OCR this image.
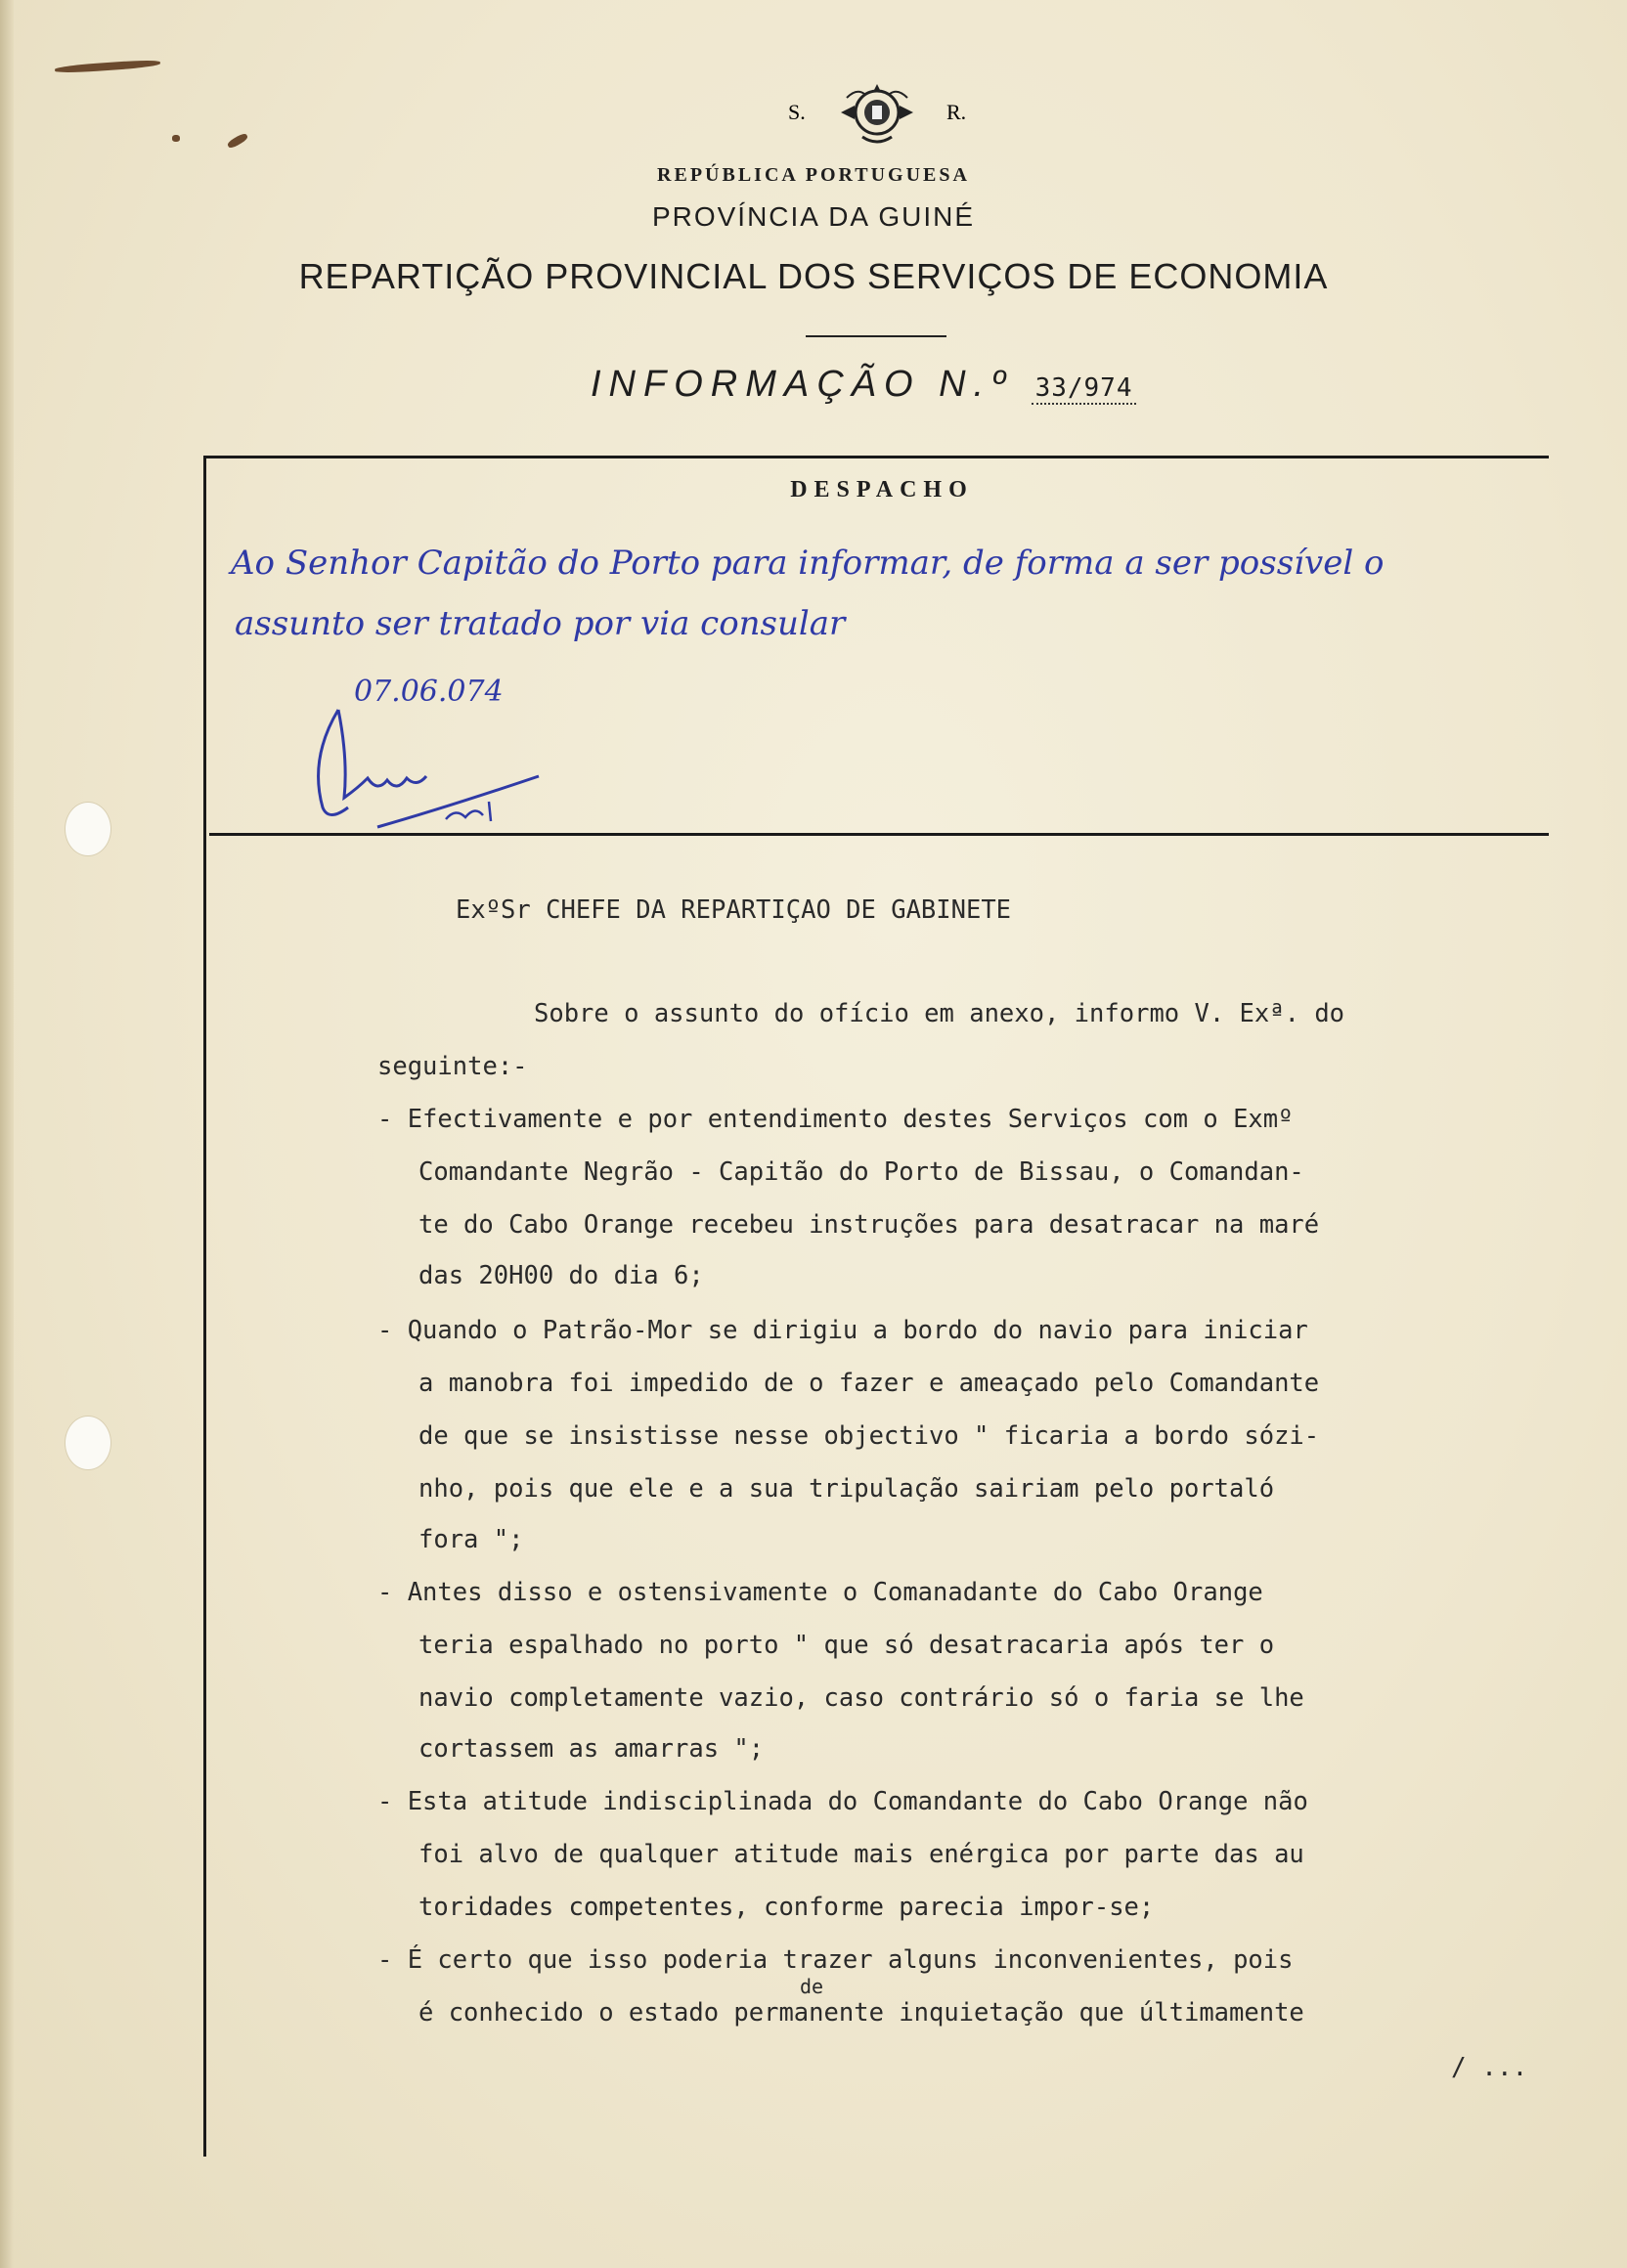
S.	R.
REPÚBLICA PORTUGUESA
PROVÍNCIA DA GUINÉ
REPARTIÇÃO PROVINCIAL DOS SERVIÇOS DE ECONOMIA
INFORMAÇÃO N.º 33/974
DESPACHO
Ao Senhor Capitão do Porto para informar, de forma a ser possível o
assunto ser tratado por via consular
07.06.074
ExºSr CHEFE DA REPARTIÇAO DE GABINETE
Sobre o assunto do ofício em anexo, informo V. Exª. do
seguinte:-
- Efectivamente e por entendimento destes Serviços com o Exmº
Comandante Negrão - Capitão do Porto de Bissau, o Comandan-
te do Cabo Orange recebeu instruções para desatracar na maré
das 20H00 do dia 6;
- Quando o Patrão-Mor se dirigiu a bordo do navio para iniciar
a manobra foi impedido de o fazer e ameaçado pelo Comandante
de que se insistisse nesse objectivo " ficaria a bordo sózi-
nho, pois que ele e a sua tripulação sairiam pelo portaló
fora ";
- Antes disso e ostensivamente o Comanadante do Cabo Orange
teria espalhado no porto " que só desatracaria após ter o
navio completamente vazio, caso contrário só o faria se lhe
cortassem as amarras ";
- Esta atitude indisciplinada do Comandante do Cabo Orange não
foi alvo de qualquer atitude mais enérgica por parte das au
toridades competentes, conforme parecia impor-se;
- É certo que isso poderia trazer alguns inconvenientes, pois
de
é conhecido o estado permanente inquietação que últimamente
/ ...
